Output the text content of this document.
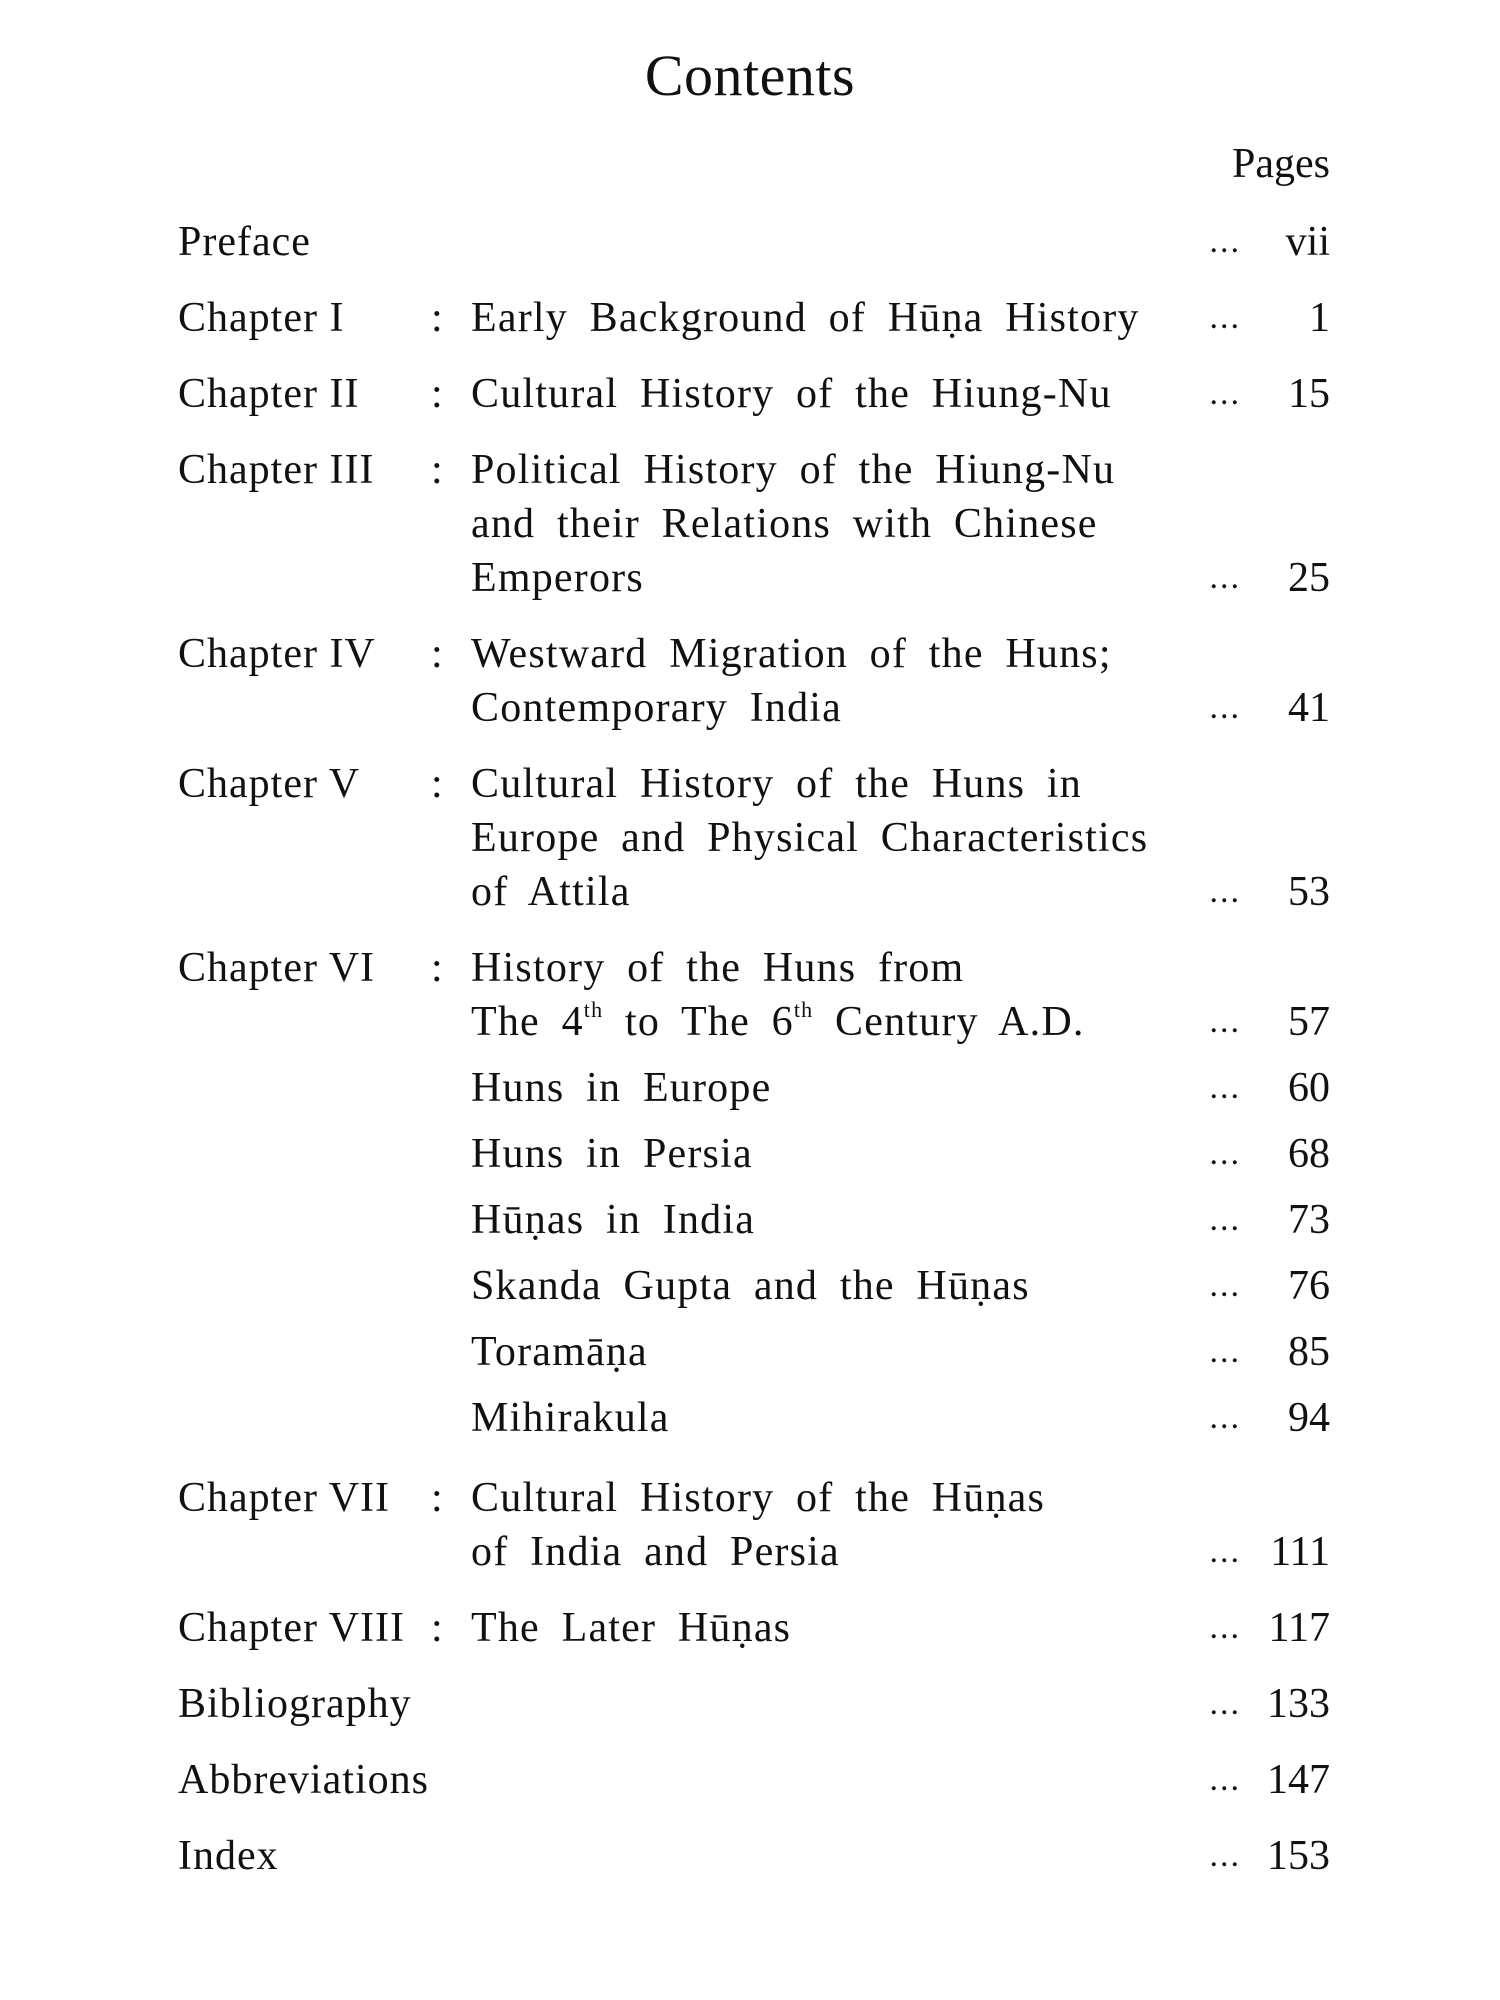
Contents
Pages
Preface	...	vii
Chapter I	: Early Background of Hūṇa History	...	1
Chapter II	: Cultural History of the Hiung-Nu	...	15
Chapter III	: Political History of the Hiung-Nu
and their Relations with Chinese
Emperors	...	25
Chapter IV	: Westward Migration of the Huns;
Contemporary India	...	41
Chapter V	: Cultural History of the Huns in
Europe and Physical Characteristics
of Attila	...	53
Chapter VI	: History of the Huns from
The 4th to The 6th Century A.D.	...	57
Huns in Europe	...	60
Huns in Persia	...	68
Hūṇas in India	...	73
Skanda Gupta and the Hūṇas	...	76
Toramāṇa	...	85
Mihirakula	...	94
Chapter VII : Cultural History of the Hūṇas
of India and Persia	... 111
Chapter VIII : The Later Hūṇas	... 117
Bibliography	... 133
Abbreviations	... 147
Index	... 153
